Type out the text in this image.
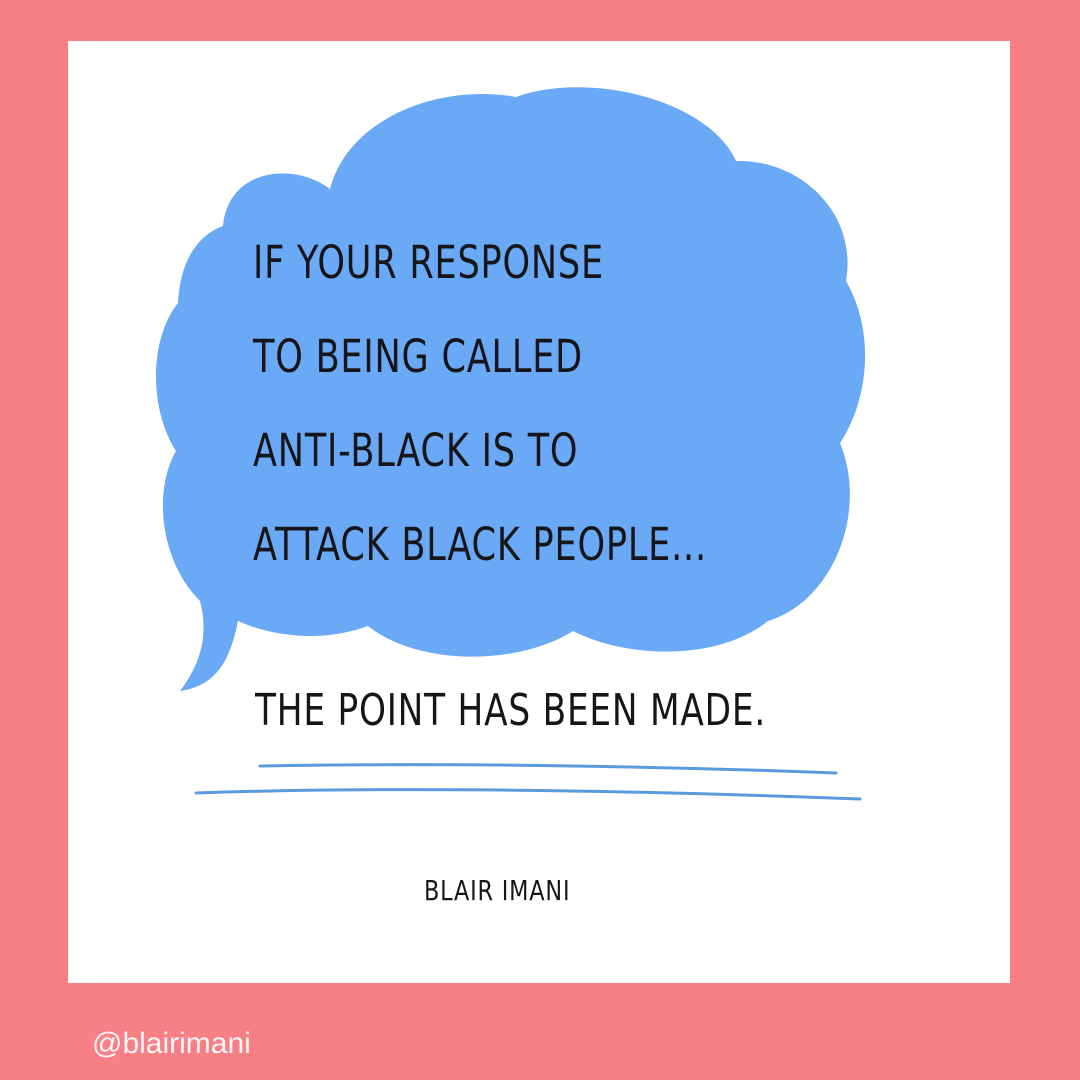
IF YOUR RESPONSE
TO BEING CALLED
ANTI-BLACK IS TO
ATTACK BLACK PEOPLE...
THE POINT HAS BEEN MADE.
BLAIR IMANI
@blairimani
